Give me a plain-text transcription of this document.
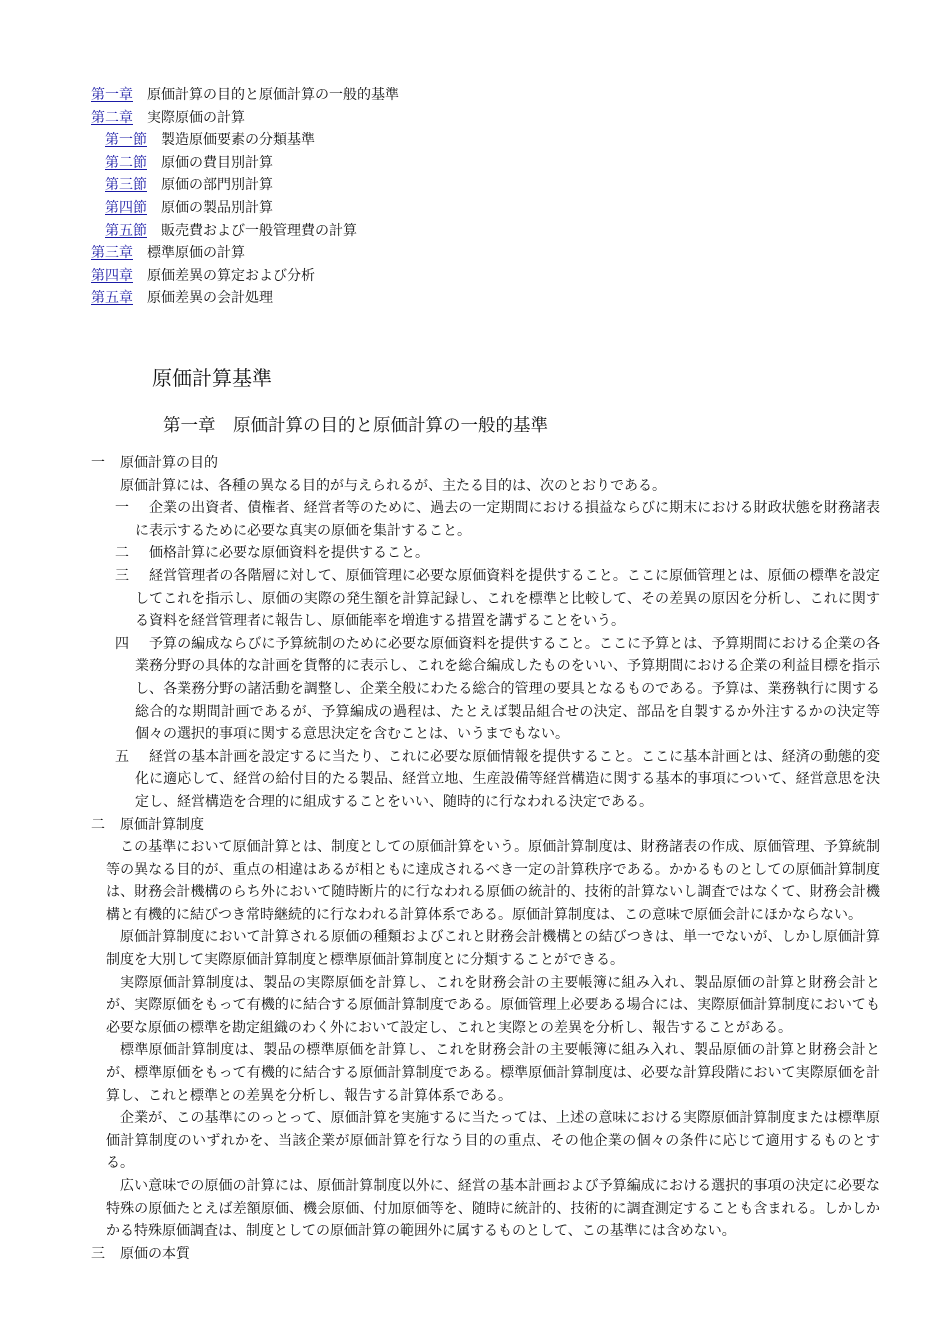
第一章 原価計算の目的と原価計算の一般的基準
第二章 実際原価の計算
第一節 製造原価要素の分類基準
第二節 原価の費目別計算
第三節 原価の部門別計算
第四節 原価の製品別計算
第五節 販売費および一般管理費の計算
第三章 標準原価の計算
第四章 原価差異の算定および分析
第五章 原価差異の会計処理
原価計算基準
第一章　原価計算の目的と原価計算の一般的基準
一 原価計算の目的

原価計算には、各種の異なる目的が与えられるが、主たる目的は、次のとおりである。

一	企業の出資者、債権者、経営者等のために、過去の一定期間における損益ならびに期末における財政状態を財務諸表に表示するために必要な真実の原価を集計すること。
二	価格計算に必要な原価資料を提供すること。
三	経営管理者の各階層に対して、原価管理に必要な原価資料を提供すること。ここに原価管理とは、原価の標準を設定してこれを指示し、原価の実際の発生額を計算記録し、これを標準と比較して、その差異の原因を分析し、これに関する資料を経営管理者に報告し、原価能率を増進する措置を講ずることをいう。
四	予算の編成ならびに予算統制のために必要な原価資料を提供すること。ここに予算とは、予算期間における企業の各業務分野の具体的な計画を貨幣的に表示し、これを総合編成したものをいい、予算期間における企業の利益目標を指示し、各業務分野の諸活動を調整し、企業全般にわたる総合的管理の要具となるものである。予算は、業務執行に関する総合的な期間計画であるが、予算編成の過程は、たとえば製品組合せの決定、部品を自製するか外注するかの決定等個々の選択的事項に関する意思決定を含むことは、いうまでもない。
五	経営の基本計画を設定するに当たり、これに必要な原価情報を提供すること。ここに基本計画とは、経済の動態的変化に適応して、経営の給付目的たる製品、経営立地、生産設備等経営構造に関する基本的事項について、経営意思を決定し、経営構造を合理的に組成することをいい、随時的に行なわれる決定である。
二 原価計算制度

この基準において原価計算とは、制度としての原価計算をいう。原価計算制度は、財務諸表の作成、原価管理、予算統制等の異なる目的が、重点の相違はあるが相ともに達成されるべき一定の計算秩序である。かかるものとしての原価計算制度は、財務会計機構のらち外において随時断片的に行なわれる原価の統計的、技術的計算ないし調査ではなくて、財務会計機構と有機的に結びつき常時継続的に行なわれる計算体系である。原価計算制度は、この意味で原価会計にほかならない。

原価計算制度において計算される原価の種類およびこれと財務会計機構との結びつきは、単一でないが、しかし原価計算制度を大別して実際原価計算制度と標準原価計算制度とに分類することができる。

実際原価計算制度は、製品の実際原価を計算し、これを財務会計の主要帳簿に組み入れ、製品原価の計算と財務会計とが、実際原価をもって有機的に結合する原価計算制度である。原価管理上必要ある場合には、実際原価計算制度においても必要な原価の標準を勘定組織のわく外において設定し、これと実際との差異を分析し、報告することがある。

標準原価計算制度は、製品の標準原価を計算し、これを財務会計の主要帳簿に組み入れ、製品原価の計算と財務会計とが、標準原価をもって有機的に結合する原価計算制度である。標準原価計算制度は、必要な計算段階において実際原価を計算し、これと標準との差異を分析し、報告する計算体系である。

企業が、この基準にのっとって、原価計算を実施するに当たっては、上述の意味における実際原価計算制度または標準原価計算制度のいずれかを、当該企業が原価計算を行なう目的の重点、その他企業の個々の条件に応じて適用するものとする。

広い意味での原価の計算には、原価計算制度以外に、経営の基本計画および予算編成における選択的事項の決定に必要な特殊の原価たとえば差額原価、機会原価、付加原価等を、随時に統計的、技術的に調査測定することも含まれる。しかしかかる特殊原価調査は、制度としての原価計算の範囲外に属するものとして、この基準には含めない。

三 原価の本質
